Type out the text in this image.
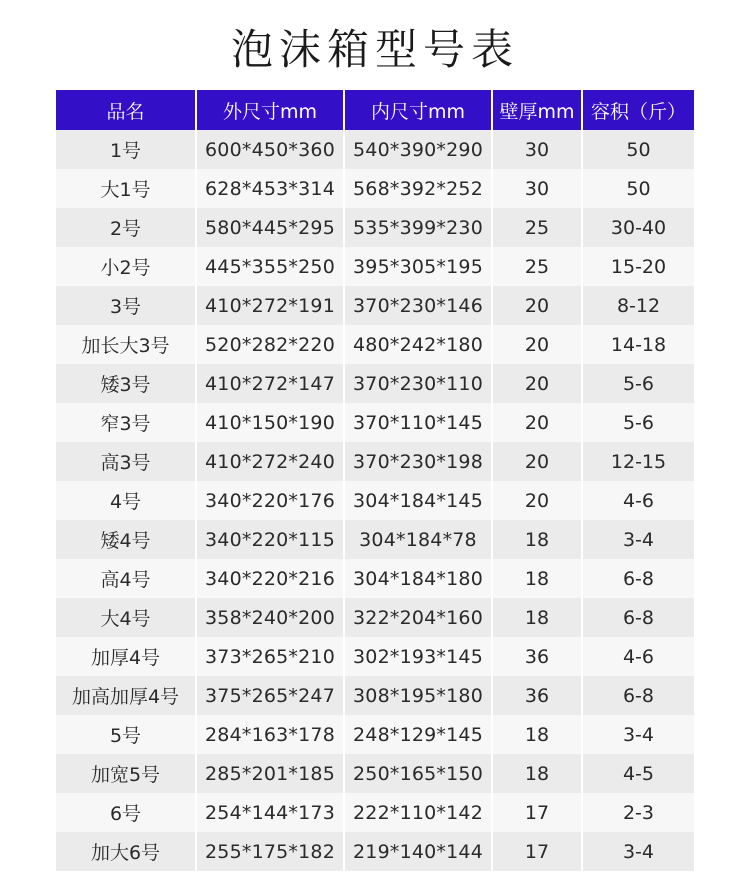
泡沫箱型号表
品名	外尺寸mm	内尺寸mm	壁厚mm	容积（斤）
1号	600*450*360	540*390*290	30	50
大1号	628*453*314	568*392*252	30	50
2号	580*445*295	535*399*230	25	30-40
小2号	445*355*250	395*305*195	25	15-20
3号	410*272*191	370*230*146	20	8-12
加长大3号	520*282*220	480*242*180	20	14-18
矮3号	410*272*147	370*230*110	20	5-6
窄3号	410*150*190	370*110*145	20	5-6
高3号	410*272*240	370*230*198	20	12-15
4号	340*220*176	304*184*145	20	4-6
矮4号	340*220*115	304*184*78	18	3-4
高4号	340*220*216	304*184*180	18	6-8
大4号	358*240*200	322*204*160	18	6-8
加厚4号	373*265*210	302*193*145	36	4-6
加高加厚4号	375*265*247	308*195*180	36	6-8
5号	284*163*178	248*129*145	18	3-4
加宽5号	285*201*185	250*165*150	18	4-5
6号	254*144*173	222*110*142	17	2-3
加大6号	255*175*182	219*140*144	17	3-4
